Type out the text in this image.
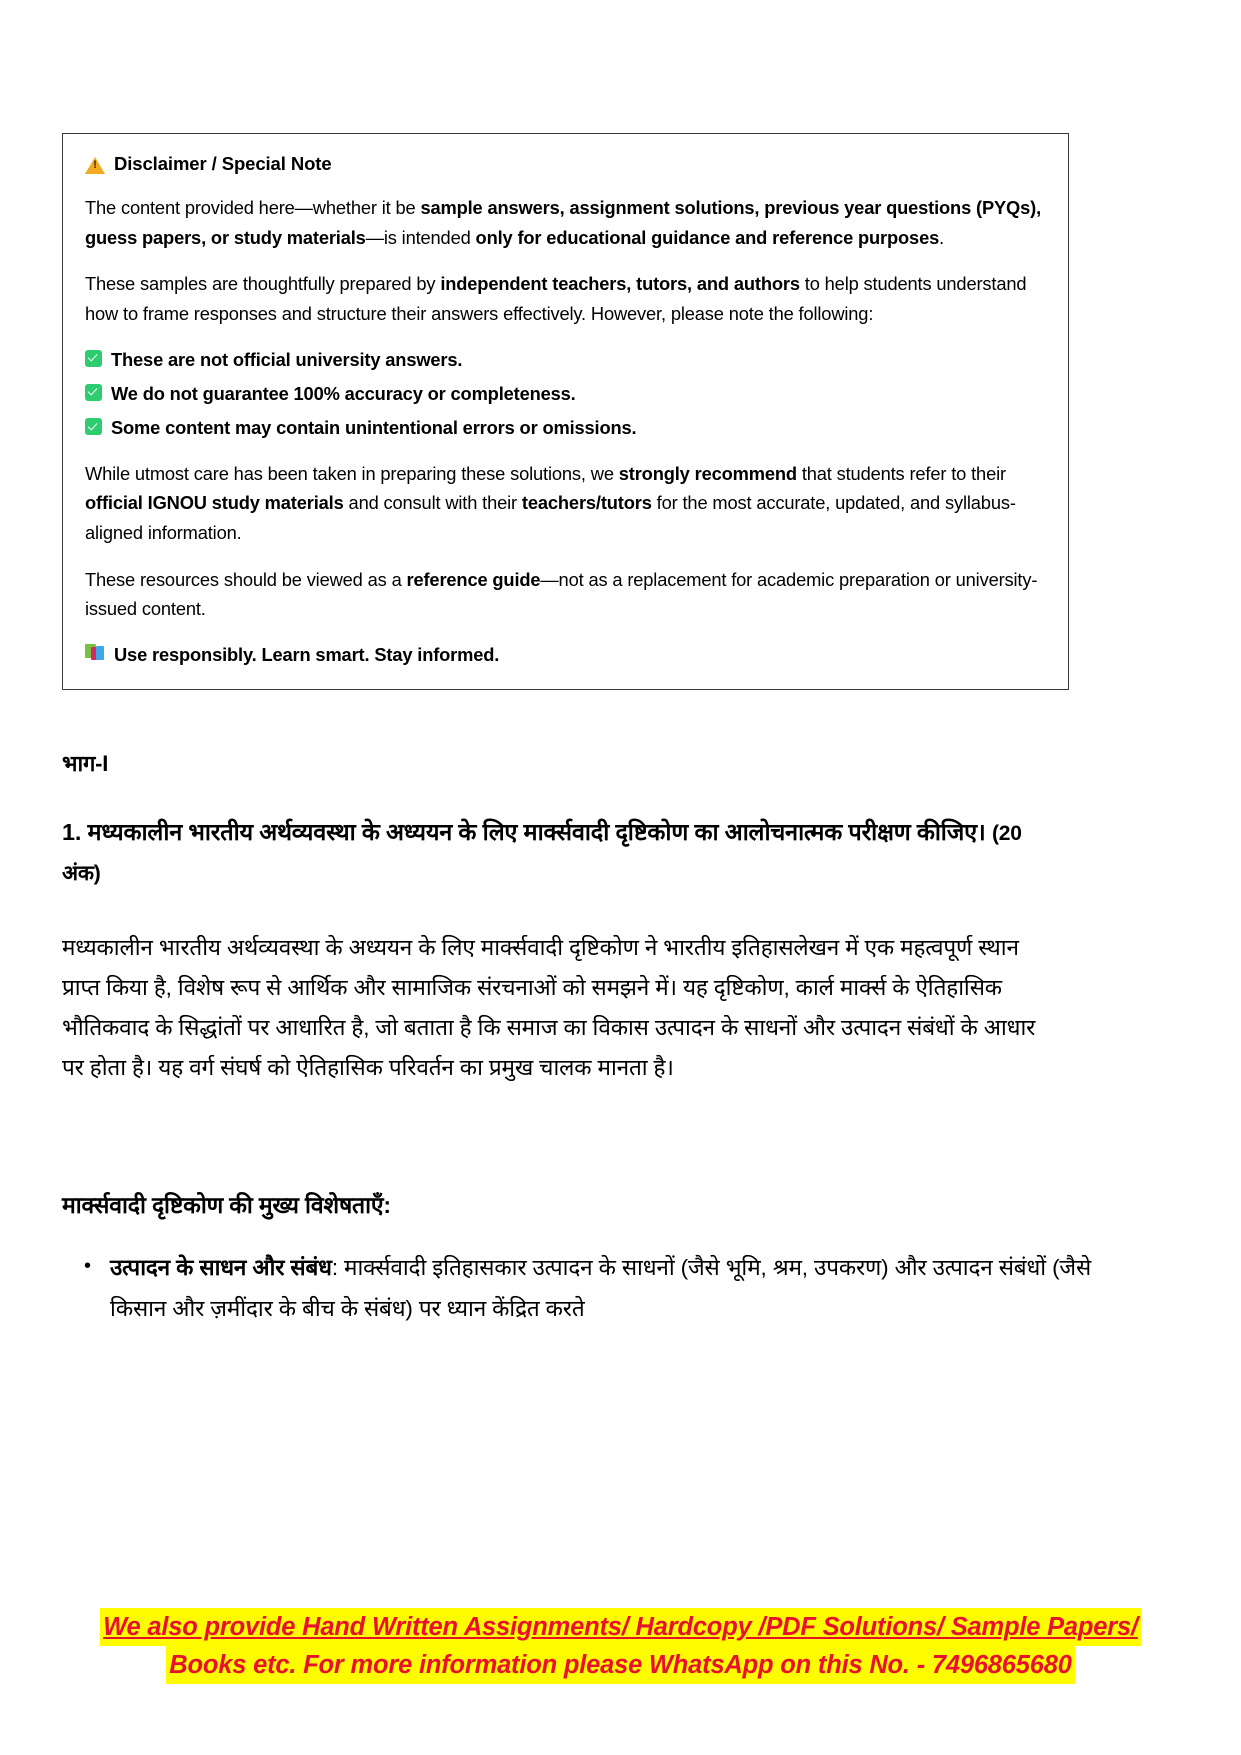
!
Disclaimer / Special Note

The content provided here—whether it be sample answers, assignment solutions, previous year questions (PYQs), guess papers, or study materials—is intended only for educational guidance and reference purposes.

These samples are thoughtfully prepared by independent teachers, tutors, and authors to help students understand how to frame responses and structure their answers effectively. However, please note the following:

These are not official university answers.
We do not guarantee 100% accuracy or completeness.
Some content may contain unintentional errors or omissions.

While utmost care has been taken in preparing these solutions, we strongly recommend that students refer to their official IGNOU study materials and consult with their teachers/tutors for the most accurate, updated, and syllabus-aligned information.

These resources should be viewed as a reference guide—not as a replacement for academic preparation or university-issued content.

Use responsibly. Learn smart. Stay informed.
भाग-I
1. मध्यकालीन भारतीय अर्थव्यवस्था के अध्ययन के लिए मार्क्सवादी दृष्टिकोण का आलोचनात्मक परीक्षण कीजिए। (20 अंक)
मध्यकालीन भारतीय अर्थव्यवस्था के अध्ययन के लिए मार्क्सवादी दृष्टिकोण ने भारतीय इतिहासलेखन में एक महत्वपूर्ण स्थान प्राप्त किया है, विशेष रूप से आर्थिक और सामाजिक संरचनाओं को समझने में। यह दृष्टिकोण, कार्ल मार्क्स के ऐतिहासिक भौतिकवाद के सिद्धांतों पर आधारित है, जो बताता है कि समाज का विकास उत्पादन के साधनों और उत्पादन संबंधों के आधार पर होता है। यह वर्ग संघर्ष को ऐतिहासिक परिवर्तन का प्रमुख चालक मानता है।
मार्क्सवादी दृष्टिकोण की मुख्य विशेषताएँ:
• उत्पादन के साधन और संबंध: मार्क्सवादी इतिहासकार उत्पादन के साधनों (जैसे भूमि, श्रम, उपकरण) और उत्पादन संबंधों (जैसे किसान और ज़मींदार के बीच के संबंध) पर ध्यान केंद्रित करते
We also provide Hand Written Assignments/ Hardcopy /PDF Solutions/ Sample Papers/
Books etc. For more information please WhatsApp on this No. - 7496865680
